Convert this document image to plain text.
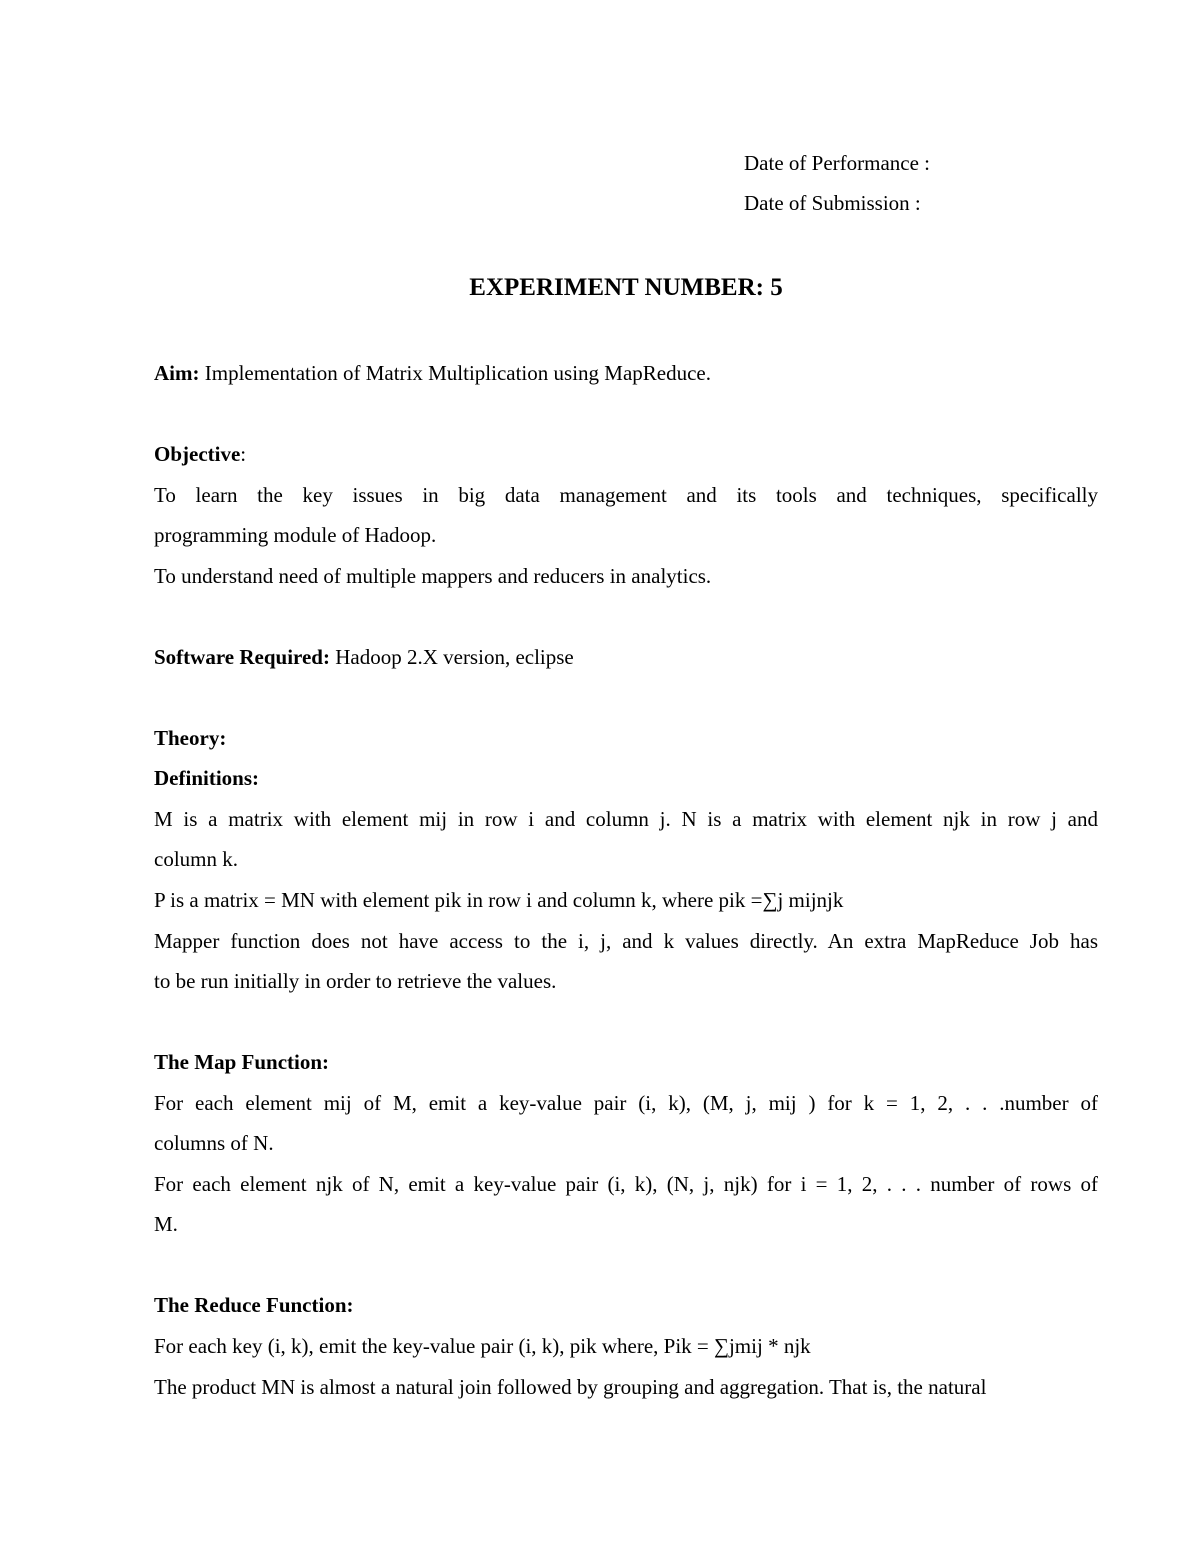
Date of Performance :
Date of Submission :
EXPERIMENT NUMBER: 5
Aim: Implementation of Matrix Multiplication using MapReduce.
Objective:
To learn the key issues in big data management and its tools and techniques, specifically
programming module of Hadoop.
To understand need of multiple mappers and reducers in analytics.
Software Required: Hadoop 2.X version, eclipse
Theory:
Definitions:
M is a matrix with element mij in row i and column j. N is a matrix with element njk in row j and
column k.
P is a matrix = MN with element pik in row i and column k, where pik =∑j mijnjk
Mapper function does not have access to the i, j, and k values directly. An extra MapReduce Job has
to be run initially in order to retrieve the values.
The Map Function:
For each element mij of M, emit a key-value pair (i, k), (M, j, mij ) for k = 1, 2, . . .number of
columns of N.
For each element njk of N, emit a key-value pair (i, k), (N, j, njk) for i = 1, 2, . . . number of rows of
M.
The Reduce Function:
For each key (i, k), emit the key-value pair (i, k), pik where, Pik = ∑jmij * njk
The product MN is almost a natural join followed by grouping and aggregation. That is, the natural
